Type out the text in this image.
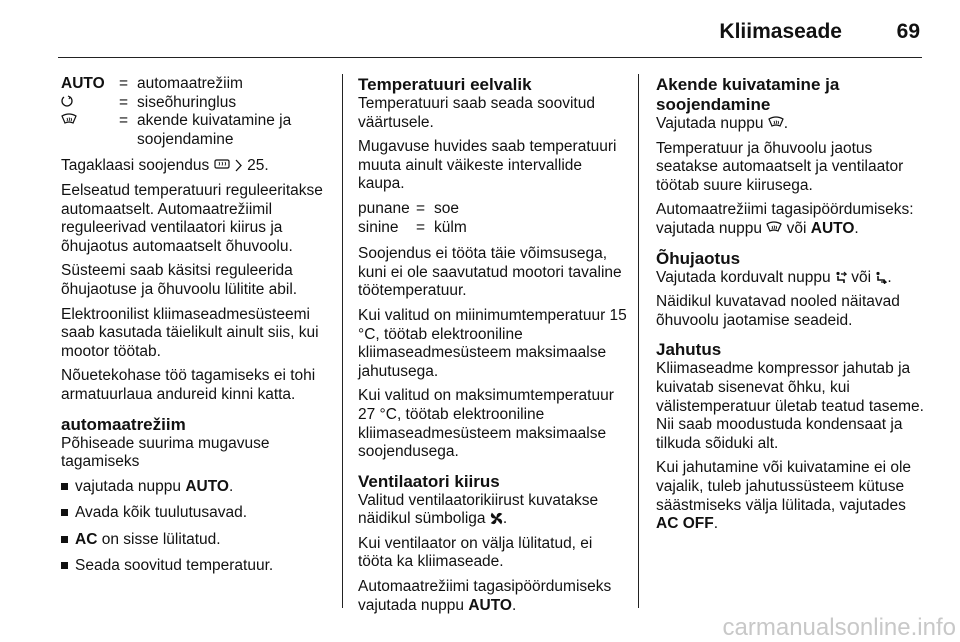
Kliimaseade	69
AUTO	=	automaatrežiim
	=	siseõhuringlus
	=	akende kuivatamine ja soojendamine

Tagaklaasi soojendus   25.

Eelseatud temperatuuri reguleeritakse automaatselt. Automaatrežiimil reguleerivad ventilaatori kiirus ja õhujaotus automaatselt õhuvoolu.

Süsteemi saab käsitsi reguleerida õhujaotuse ja õhuvoolu lülitite abil.

Elektroonilist kliimaseadmesüsteemi saab kasutada täielikult ainult siis, kui mootor töötab.

Nõuetekohase töö tagamiseks ei tohi armatuurlaua andureid kinni katta.

automaatrežiim

Põhiseade suurima mugavuse tagamiseks

vajutada nuppu AUTO.
Avada kõik tuulutusavad.
AC on sisse lülitatud.
Seada soovitud temperatuur.
Temperatuuri eelvalik

Temperatuuri saab seada soovitud väärtusele.

Mugavuse huvides saab temperatuuri muuta ainult väikeste intervallide kaupa.

punane	=	soe
sinine	=	külm

Soojendus ei tööta täie võimsusega, kuni ei ole saavutatud mootori tavaline töötemperatuur.

Kui valitud on miinimumtemperatuur 15 °C, töötab elektrooniline kliimaseadmesüsteem maksimaalse jahutusega.

Kui valitud on maksimumtemperatuur 27 °C, töötab elektrooniline kliimaseadmesüsteem maksimaalse soojendusega.

Ventilaatori kiirus

Valitud ventilaatorikiirust kuvatakse näidikul sümboliga .

Kui ventilaator on välja lülitatud, ei tööta ka kliimaseade.

Automaatrežiimi tagasipöördumiseks vajutada nuppu AUTO.

Akende kuivatamine ja soojendamine

Vajutada nuppu .

Temperatuur ja õhuvoolu jaotus seatakse automaatselt ja ventilaator töötab suure kiirusega.

Automaatrežiimi tagasipöördumiseks: vajutada nuppu  või AUTO.

Õhujaotus

Vajutada korduvalt nuppu  või .

Näidikul kuvatavad nooled näitavad õhuvoolu jaotamise seadeid.

Jahutus

Kliimaseadme kompressor jahutab ja kuivatab sisenevat õhku, kui välistemperatuur ületab teatud taseme. Nii saab moodustuda kondensaat ja tilkuda sõiduki alt.

Kui jahutamine või kuivatamine ei ole vajalik, tuleb jahutussüsteem kütuse säästmiseks välja lülitada, vajutades AC OFF.

carmanualsonline.info
